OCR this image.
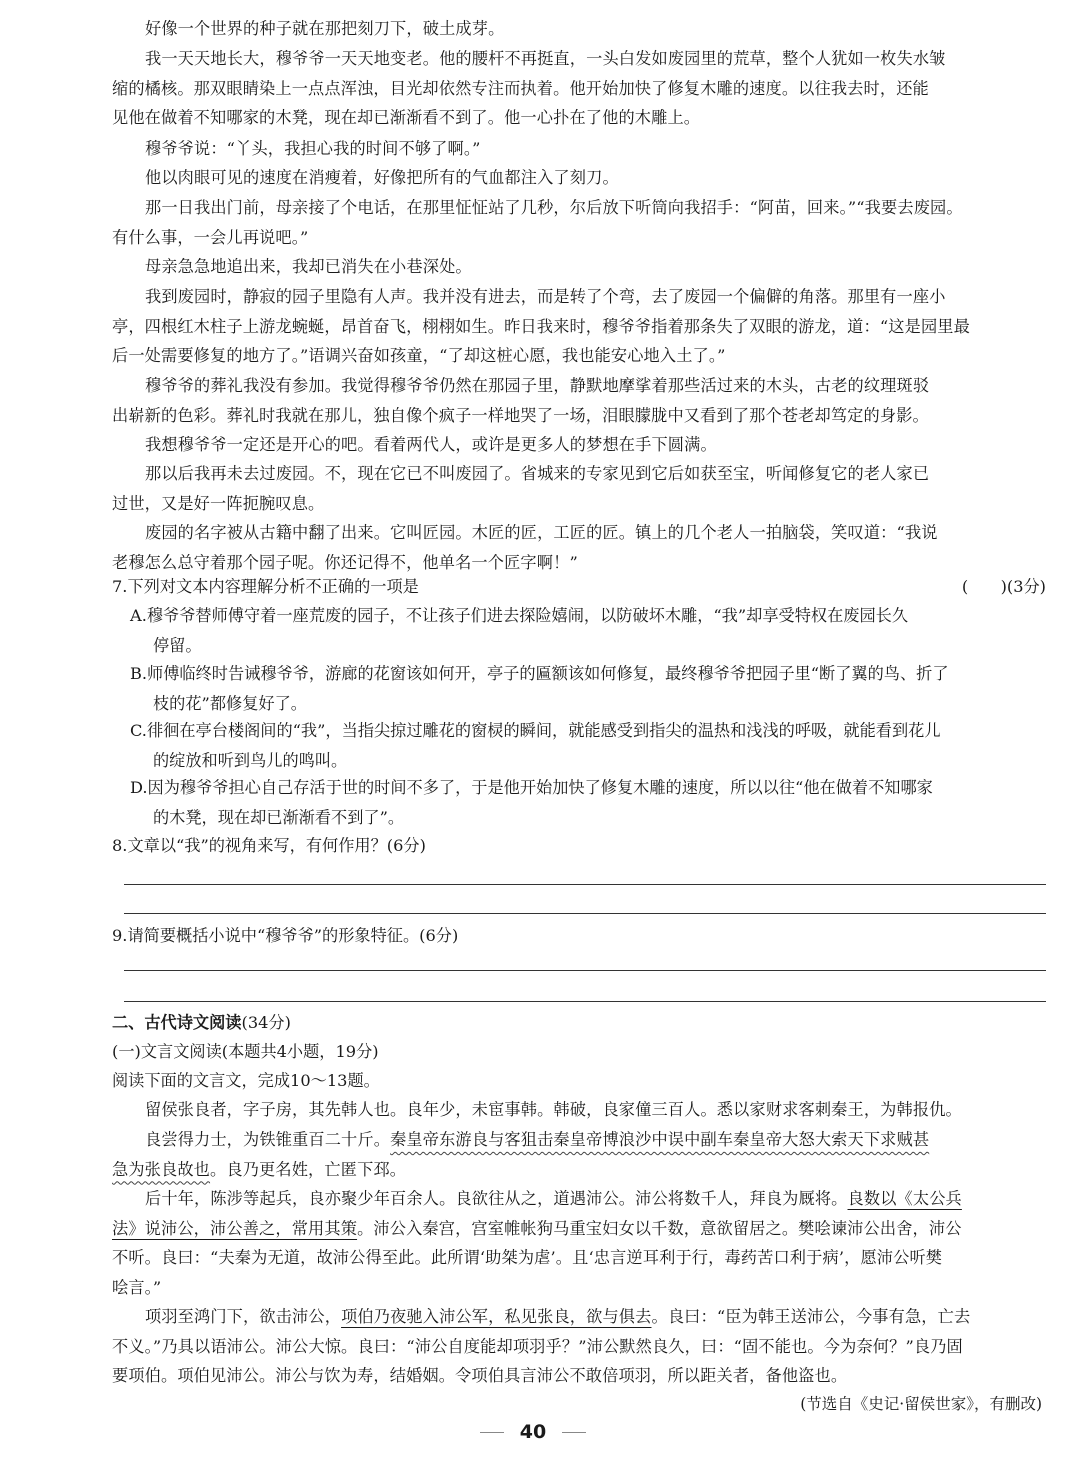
好像一个世界的种子就在那把刻刀下，破土成芽。
我一天天地长大，穆爷爷一天天地变老。他的腰杆不再挺直，一头白发如废园里的荒草，整个人犹如一枚失水皱
缩的橘核。那双眼睛染上一点点浑浊，目光却依然专注而执着。他开始加快了修复木雕的速度。以往我去时，还能
见他在做着不知哪家的木凳，现在却已渐渐看不到了。他一心扑在了他的木雕上。
穆爷爷说：“丫头，我担心我的时间不够了啊。”
他以肉眼可见的速度在消瘦着，好像把所有的气血都注入了刻刀。
那一日我出门前，母亲接了个电话，在那里怔怔站了几秒，尔后放下听筒向我招手：“阿苗，回来。”“我要去废园。
有什么事，一会儿再说吧。”
母亲急急地追出来，我却已消失在小巷深处。
我到废园时，静寂的园子里隐有人声。我并没有进去，而是转了个弯，去了废园一个偏僻的角落。那里有一座小
亭，四根红木柱子上游龙蜿蜒，昂首奋飞，栩栩如生。昨日我来时，穆爷爷指着那条失了双眼的游龙，道：“这是园里最
后一处需要修复的地方了。”语调兴奋如孩童，“了却这桩心愿，我也能安心地入土了。”
穆爷爷的葬礼我没有参加。我觉得穆爷爷仍然在那园子里，静默地摩挲着那些活过来的木头，古老的纹理斑驳
出崭新的色彩。葬礼时我就在那儿，独自像个疯子一样地哭了一场，泪眼朦胧中又看到了那个苍老却笃定的身影。
我想穆爷爷一定还是开心的吧。看着两代人，或许是更多人的梦想在手下圆满。
那以后我再未去过废园。不，现在它已不叫废园了。省城来的专家见到它后如获至宝，听闻修复它的老人家已
过世，又是好一阵扼腕叹息。
废园的名字被从古籍中翻了出来。它叫匠园。木匠的匠，工匠的匠。镇上的几个老人一拍脑袋，笑叹道：“我说
老穆怎么总守着那个园子呢。你还记得不，他单名一个匠字啊！”
7.下列对文本内容理解分析不正确的一项是	(　　)(3分)
A.穆爷爷替师傅守着一座荒废的园子，不让孩子们进去探险嬉闹，以防破坏木雕，“我”却享受特权在废园长久
停留。
B.师傅临终时告诫穆爷爷，游廊的花窗该如何开，亭子的匾额该如何修复，最终穆爷爷把园子里“断了翼的鸟、折了
枝的花”都修复好了。
C.徘徊在亭台楼阁间的“我”，当指尖掠过雕花的窗棂的瞬间，就能感受到指尖的温热和浅浅的呼吸，就能看到花儿
的绽放和听到鸟儿的鸣叫。
D.因为穆爷爷担心自己存活于世的时间不多了，于是他开始加快了修复木雕的速度，所以以往“他在做着不知哪家
的木凳，现在却已渐渐看不到了”。
8.文章以“我”的视角来写，有何作用？(6分)
9.请简要概括小说中“穆爷爷”的形象特征。(6分)
二、古代诗文阅读(34分)
(一)文言文阅读(本题共4小题，19分)
阅读下面的文言文，完成10～13题。
留侯张良者，字子房，其先韩人也。良年少，未宦事韩。韩破，良家僮三百人。悉以家财求客刺秦王，为韩报仇。
良尝得力士，为铁锥重百二十斤。秦皇帝东游良与客狙击秦皇帝博浪沙中误中副车秦皇帝大怒大索天下求贼甚
急为张良故也。良乃更名姓，亡匿下邳。
后十年，陈涉等起兵，良亦聚少年百余人。良欲往从之，道遇沛公。沛公将数千人，拜良为厩将。良数以《太公兵
法》说沛公，沛公善之，常用其策。沛公入秦宫，宫室帷帐狗马重宝妇女以千数，意欲留居之。樊哙谏沛公出舍，沛公
不听。良曰：“夫秦为无道，故沛公得至此。此所谓‘助桀为虐’。且‘忠言逆耳利于行，毒药苦口利于病’，愿沛公听樊
哙言。”
项羽至鸿门下，欲击沛公，项伯乃夜驰入沛公军，私见张良，欲与俱去。良曰：“臣为韩王送沛公，今事有急，亡去
不义。”乃具以语沛公。沛公大惊。良曰：“沛公自度能却项羽乎？”沛公默然良久，曰：“固不能也。今为奈何？”良乃固
要项伯。项伯见沛公。沛公与饮为寿，结婚姻。令项伯具言沛公不敢倍项羽，所以距关者，备他盗也。
(节选自《史记·留侯世家》，有删改)
40
